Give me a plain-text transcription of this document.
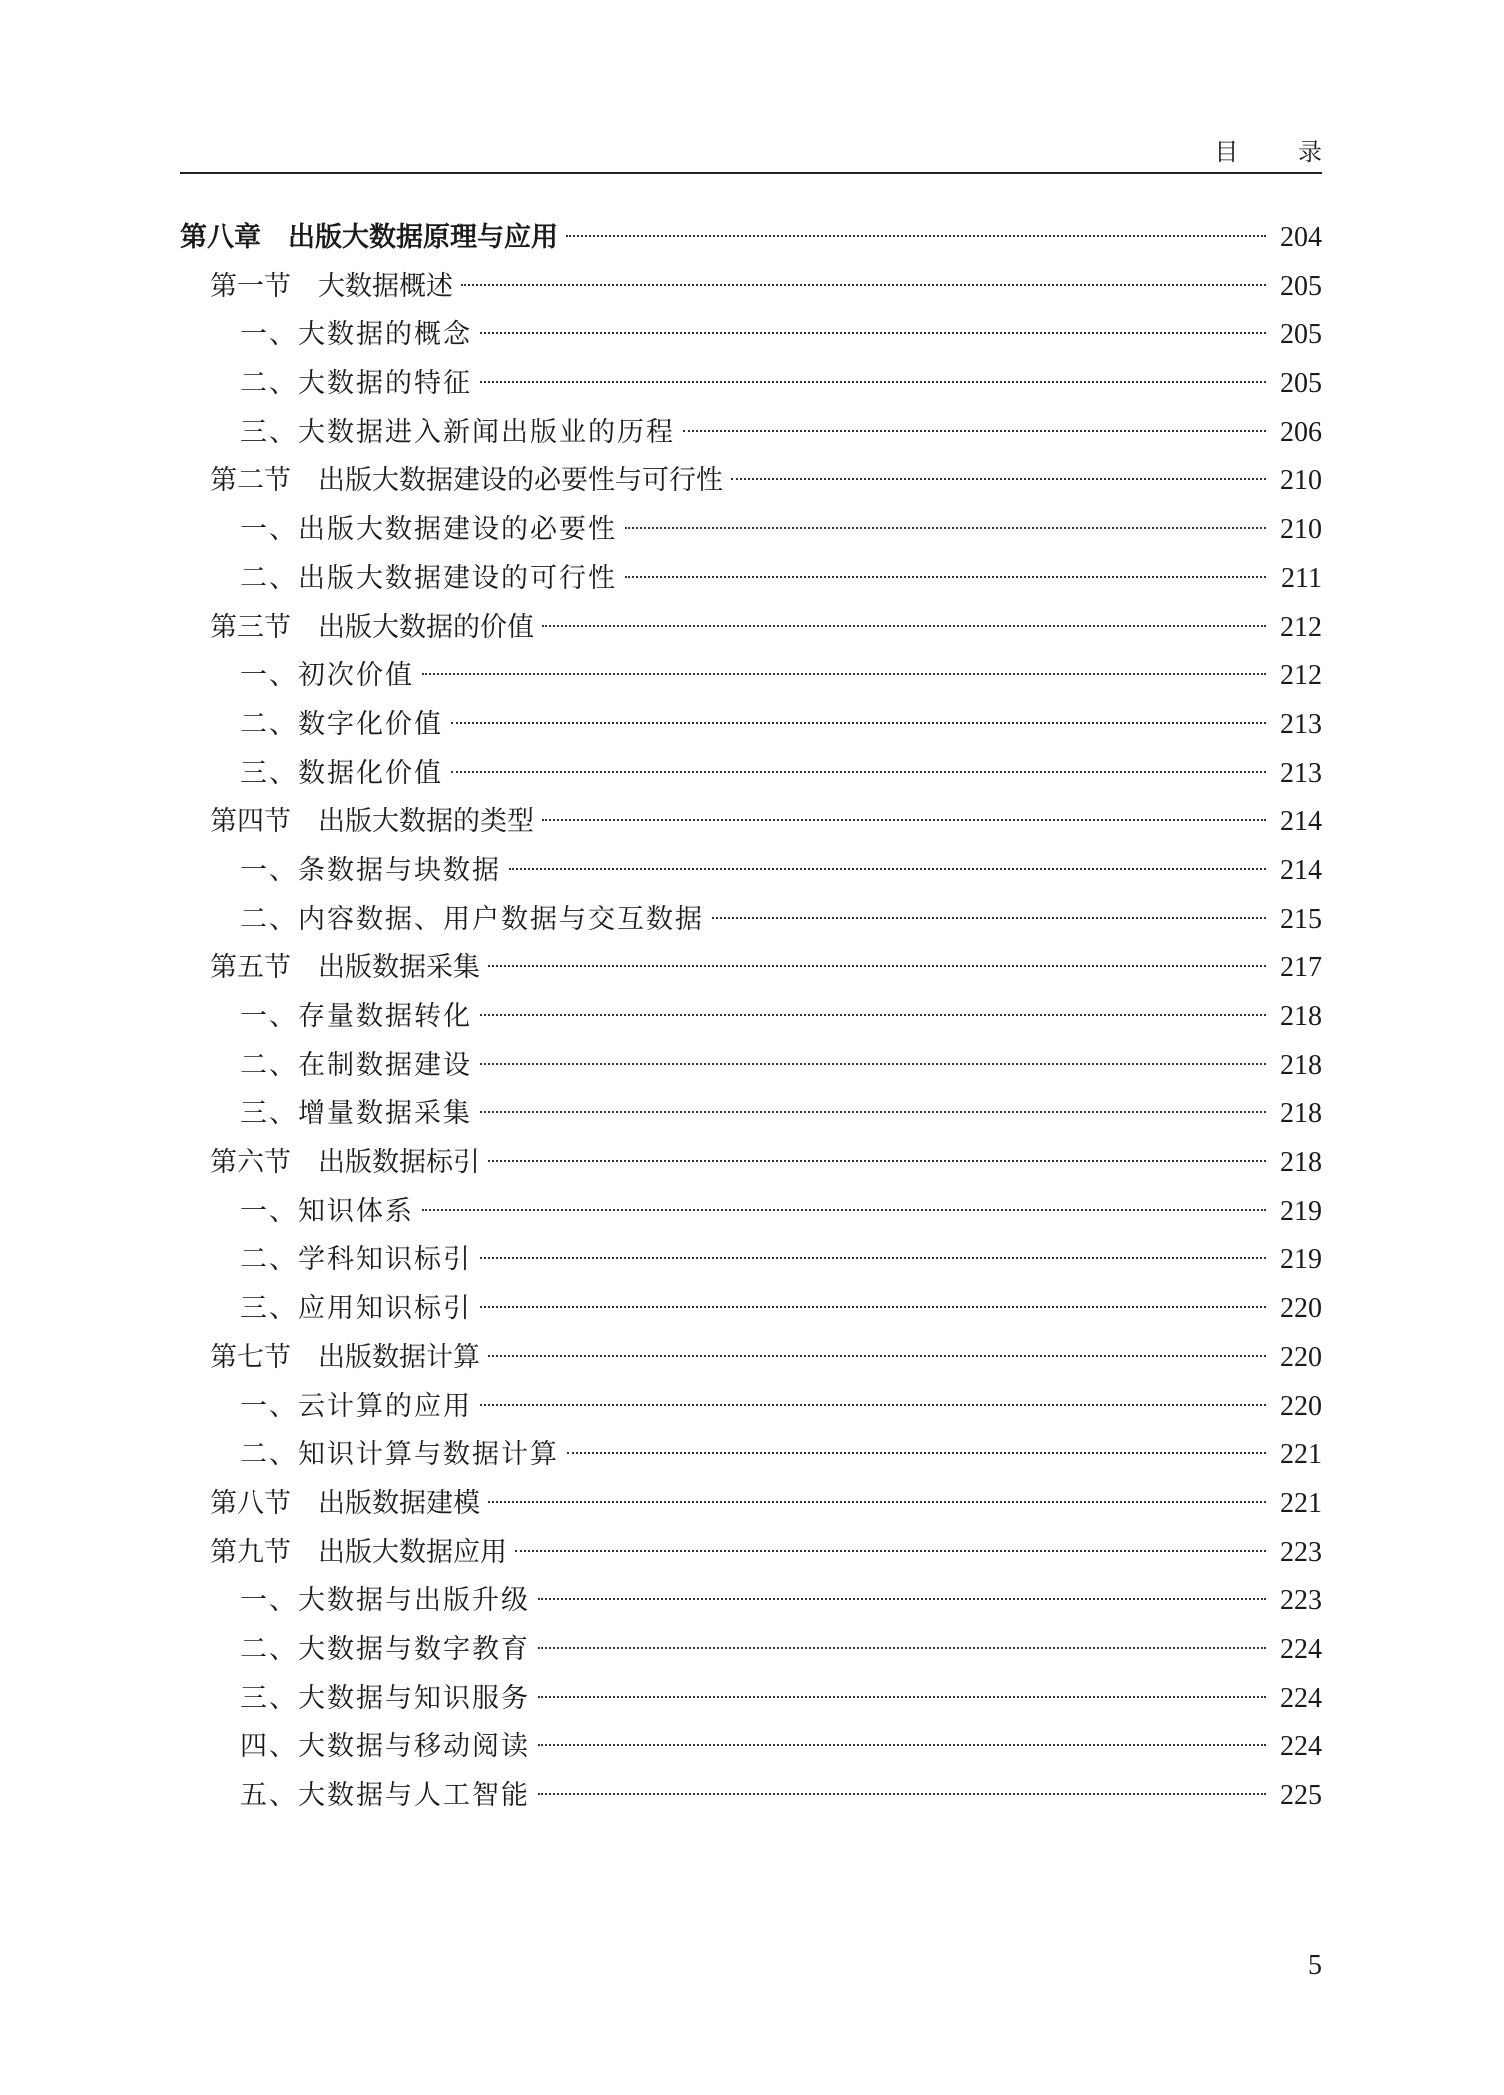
目 录
第八章　出版大数据原理与应用	204
第一节　大数据概述	205
一、大数据的概念	205
二、大数据的特征	205
三、大数据进入新闻出版业的历程	206
第二节　出版大数据建设的必要性与可行性	210
一、出版大数据建设的必要性	210
二、出版大数据建设的可行性	211
第三节　出版大数据的价值	212
一、初次价值	212
二、数字化价值	213
三、数据化价值	213
第四节　出版大数据的类型	214
一、条数据与块数据	214
二、内容数据、用户数据与交互数据	215
第五节　出版数据采集	217
一、存量数据转化	218
二、在制数据建设	218
三、增量数据采集	218
第六节　出版数据标引	218
一、知识体系	219
二、学科知识标引	219
三、应用知识标引	220
第七节　出版数据计算	220
一、云计算的应用	220
二、知识计算与数据计算	221
第八节　出版数据建模	221
第九节　出版大数据应用	223
一、大数据与出版升级	223
二、大数据与数字教育	224
三、大数据与知识服务	224
四、大数据与移动阅读	224
五、大数据与人工智能	225
5
